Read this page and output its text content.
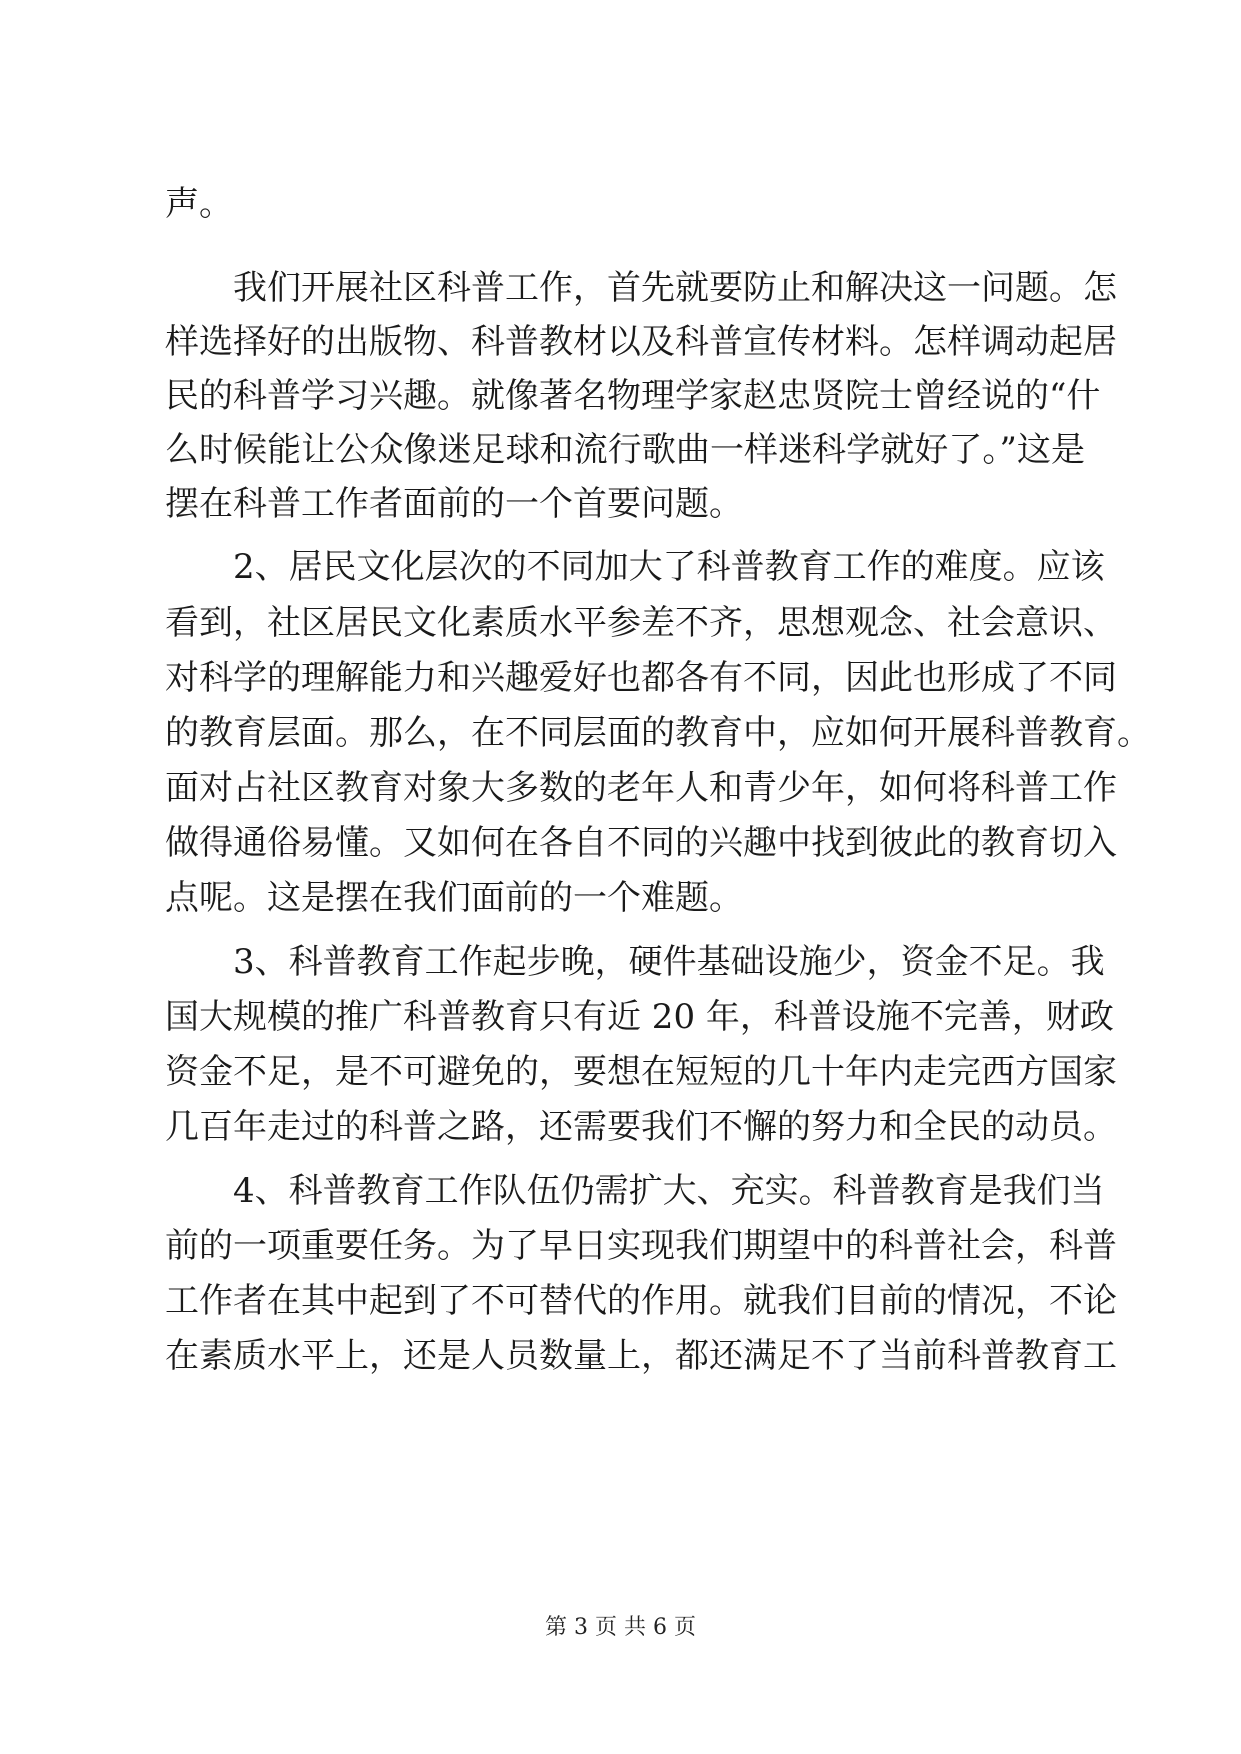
声。
我们开展社区科普工作，首先就要防止和解决这一问题。怎
样选择好的出版物、科普教材以及科普宣传材料。怎样调动起居
民的科普学习兴趣。就像著名物理学家赵忠贤院士曾经说的“什
么时候能让公众像迷足球和流行歌曲一样迷科学就好了。”这是
摆在科普工作者面前的一个首要问题。
2、居民文化层次的不同加大了科普教育工作的难度。应该
看到，社区居民文化素质水平参差不齐，思想观念、社会意识、
对科学的理解能力和兴趣爱好也都各有不同，因此也形成了不同
的教育层面。那么，在不同层面的教育中，应如何开展科普教育。
面对占社区教育对象大多数的老年人和青少年，如何将科普工作
做得通俗易懂。又如何在各自不同的兴趣中找到彼此的教育切入
点呢。这是摆在我们面前的一个难题。
3、科普教育工作起步晚，硬件基础设施少，资金不足。我
国大规模的推广科普教育只有近 20 年，科普设施不完善，财政
资金不足，是不可避免的，要想在短短的几十年内走完西方国家
几百年走过的科普之路，还需要我们不懈的努力和全民的动员。
4、科普教育工作队伍仍需扩大、充实。科普教育是我们当
前的一项重要任务。为了早日实现我们期望中的科普社会，科普
工作者在其中起到了不可替代的作用。就我们目前的情况，不论
在素质水平上，还是人员数量上，都还满足不了当前科普教育工
第 3 页 共 6 页
